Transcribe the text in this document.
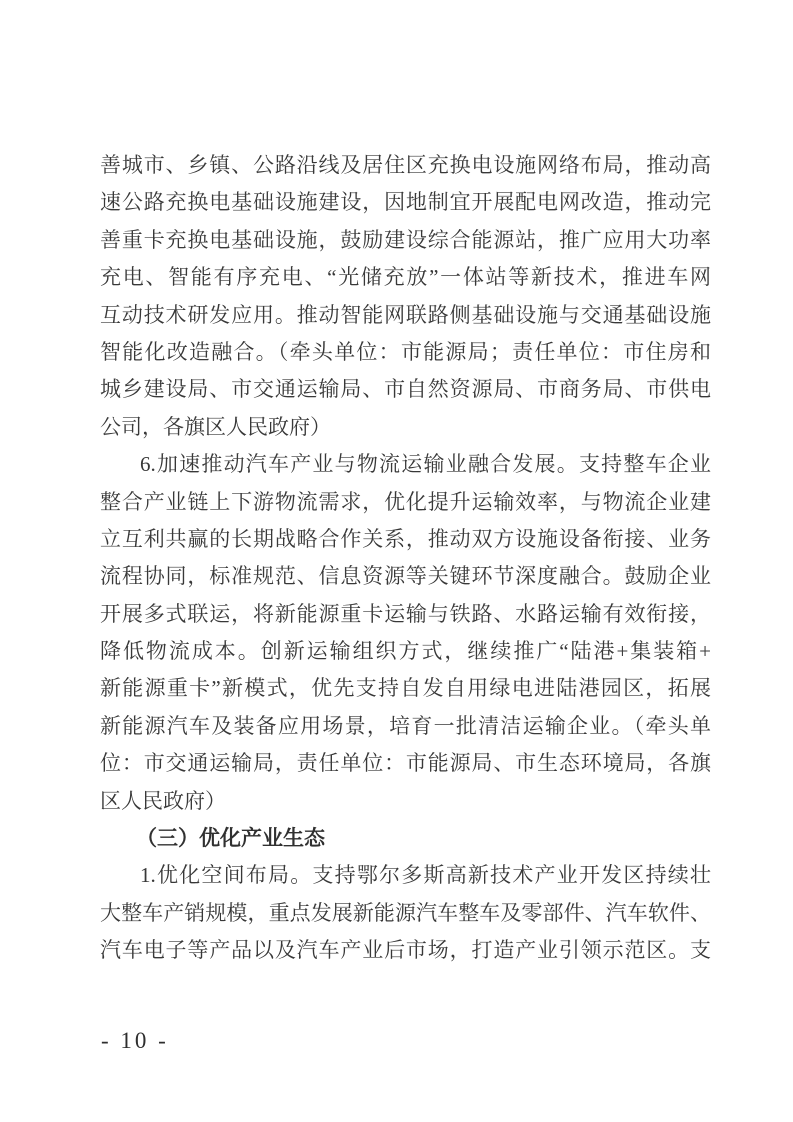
善城市、乡镇、公路沿线及居住区充换电设施网络布局，推动高
速公路充换电基础设施建设，因地制宜开展配电网改造，推动完
善重卡充换电基础设施，鼓励建设综合能源站，推广应用大功率
充电、智能有序充电、“光储充放”一体站等新技术，推进车网
互动技术研发应用。推动智能网联路侧基础设施与交通基础设施
智能化改造融合。（牵头单位：市能源局；责任单位：市住房和
城乡建设局、市交通运输局、市自然资源局、市商务局、市供电
公司，各旗区人民政府）
6.加速推动汽车产业与物流运输业融合发展。支持整车企业
整合产业链上下游物流需求，优化提升运输效率，与物流企业建
立互利共赢的长期战略合作关系，推动双方设施设备衔接、业务
流程协同，标准规范、信息资源等关键环节深度融合。鼓励企业
开展多式联运，将新能源重卡运输与铁路、水路运输有效衔接，
降低物流成本。创新运输组织方式，继续推广“陆港+集装箱+
新能源重卡”新模式，优先支持自发自用绿电进陆港园区，拓展
新能源汽车及装备应用场景，培育一批清洁运输企业。（牵头单
位：市交通运输局，责任单位：市能源局、市生态环境局，各旗
区人民政府）
（三）优化产业生态
1.优化空间布局。支持鄂尔多斯高新技术产业开发区持续壮
大整车产销规模，重点发展新能源汽车整车及零部件、汽车软件、
汽车电子等产品以及汽车产业后市场，打造产业引领示范区。支
- 10 -
